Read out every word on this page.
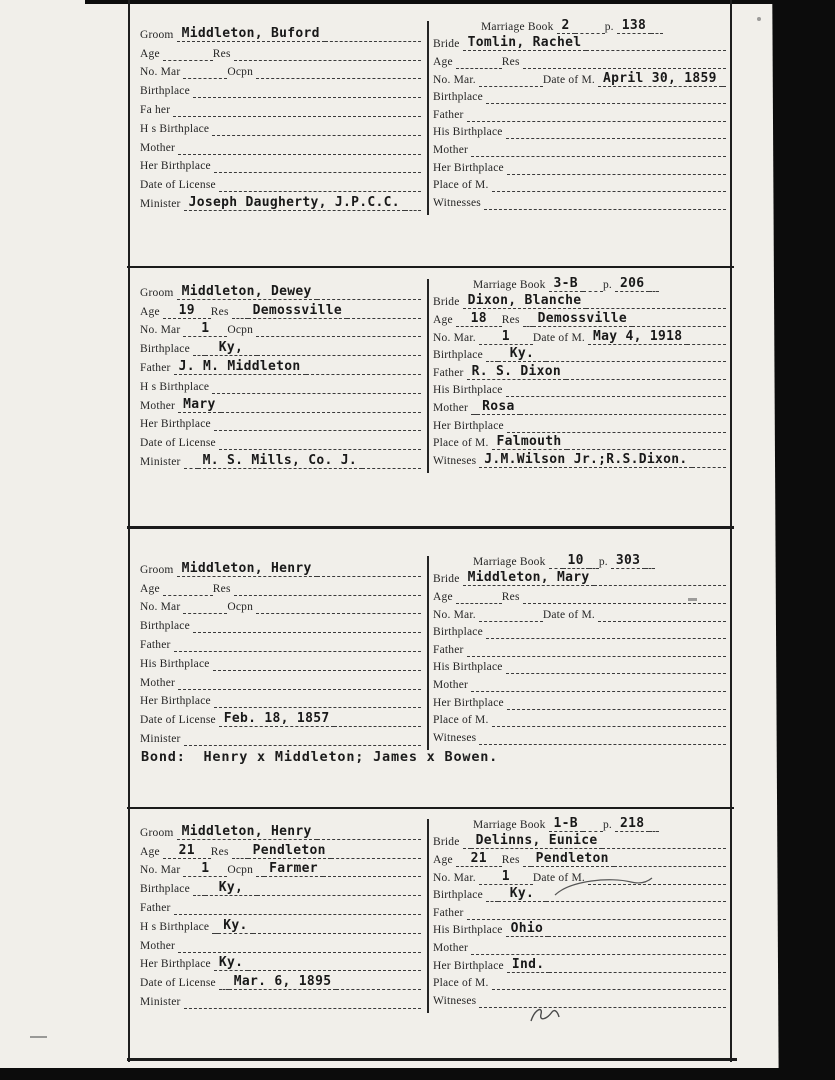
Groom Middleton, Buford
Age	Res
No. Mar	Ocpn
Birthplace
Fa her
H s Birthplace
Mother
Her Birthplace
Date of License
Minister Joseph Daugherty, J.P.C.C.
Marriage Book 2	p. 138
Bride Tomlin, Rachel
Age	Res
No. Mar.	Date of M. April 30, 1859
Birthplace
Father
His Birthplace
Mother
Her Birthplace
Place of M.
Witnesses
Groom Middleton, Dewey
Age	19	Res	Demossville
No. Mar	1	Ocpn
Birthplace	Ky,
Father J. M. Middleton
H s Birthplace
Mother Mary
Her Birthplace
Date of License
Minister	M. S. Mills, Co. J.
Marriage Book 3-B	p. 206
Bride Dixon, Blanche
Age	18	Res	Demossville
No. Mar.	1	Date of M. May 4, 1918
Birthplace	Ky.
Father R. S. Dixon
His Birthplace
Mother	Rosa
Her Birthplace
Place of M. Falmouth
Witneses J.M.Wilson Jr.;R.S.Dixon.
Groom Middleton, Henry
Age	Res
No. Mar	Ocpn
Birthplace
Father
His Birthplace
Mother
Her Birthplace
Date of License Feb. 18, 1857
Minister
Marriage Book	10	p. 303
Bride Middleton, Mary
Age	Res
No. Mar.	Date of M.
Birthplace
Father
His Birthplace
Mother
Her Birthplace
Place of M.
Witneses
Bond:  Henry x Middleton; James x Bowen.
Groom Middleton, Henry
Age	21	Res	Pendleton
No. Mar	1	Ocpn	Farmer
Birthplace	Ky,
Father
H s Birthplace	Ky.
Mother
Her Birthplace Ky.
Date of License	Mar. 6, 1895
Minister
Marriage Book 1-B	p. 218
Bride	Delinns, Eunice
Age	21	Res	Pendleton
No. Mar.	1	Date of M.
Birthplace	Ky.
Father
His Birthplace Ohio
Mother
Her Birthplace Ind.
Place of M.
Witneses
